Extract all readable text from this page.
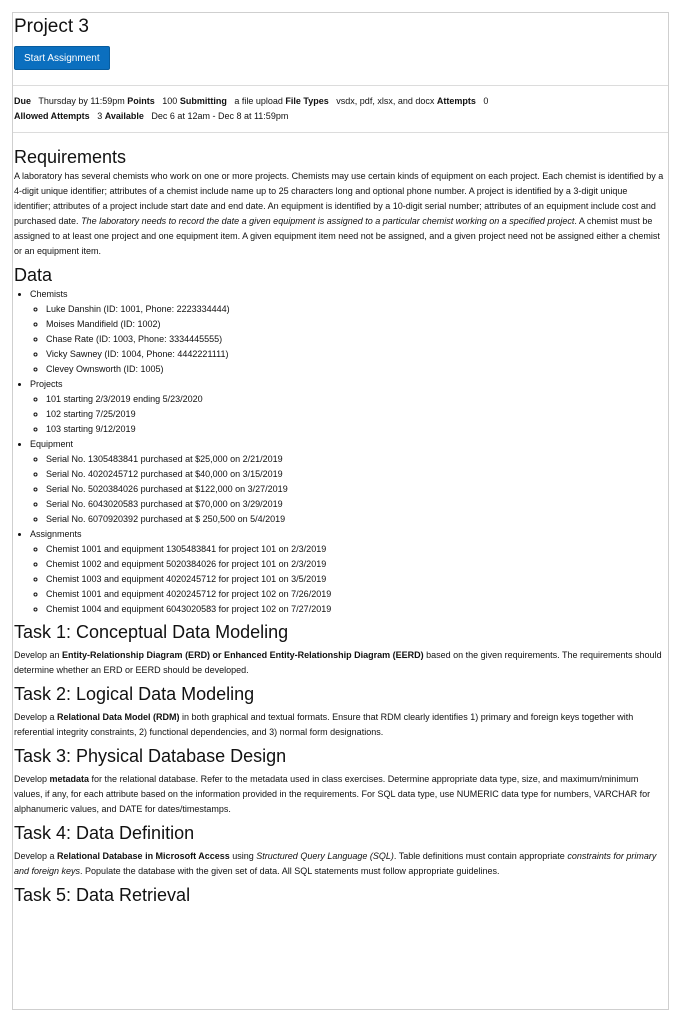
Project 3
Start Assignment
Due Thursday by 11:59pm Points 100 Submitting a file upload File Types vsdx, pdf, xlsx, and docx Attempts 0
Allowed Attempts 3 Available Dec 6 at 12am - Dec 8 at 11:59pm
Requirements

A laboratory has several chemists who work on one or more projects. Chemists may use certain kinds of equipment on each project. Each chemist is identified by a 4-digit unique identifier; attributes of a chemist include name up to 25 characters long and optional phone number. A project is identified by a 3-digit unique identifier; attributes of a project include start date and end date. An equipment is identified by a 10-digit serial number; attributes of an equipment include cost and purchased date. The laboratory needs to record the date a given equipment is assigned to a particular chemist working on a specified project. A chemist must be assigned to at least one project and one equipment item. A given equipment item need not be assigned, and a given project need not be assigned either a chemist or an equipment item.

Data
• Chemists
◦ Luke Danshin (ID: 1001, Phone: 2223334444)
◦ Moises Mandifield (ID: 1002)
◦ Chase Rate (ID: 1003, Phone: 3334445555)
◦ Vicky Sawney (ID: 1004, Phone: 4442221111)
◦ Clevey Ownsworth (ID: 1005)
• Projects
◦ 101 starting 2/3/2019 ending 5/23/2020
◦ 102 starting 7/25/2019
◦ 103 starting 9/12/2019
• Equipment
◦ Serial No. 1305483841 purchased at $25,000 on 2/21/2019
◦ Serial No. 4020245712 purchased at $40,000 on 3/15/2019
◦ Serial No. 5020384026 purchased at $122,000 on 3/27/2019
◦ Serial No. 6043020583 purchased at $70,000 on 3/29/2019
◦ Serial No. 6070920392 purchased at $ 250,500 on 5/4/2019
• Assignments
◦ Chemist 1001 and equipment 1305483841 for project 101 on 2/3/2019
◦ Chemist 1002 and equipment 5020384026 for project 101 on 2/3/2019
◦ Chemist 1003 and equipment 4020245712 for project 101 on 3/5/2019
◦ Chemist 1001 and equipment 4020245712 for project 102 on 7/26/2019
◦ Chemist 1004 and equipment 6043020583 for project 102 on 7/27/2019
Task 1: Conceptual Data Modeling

Develop an Entity-Relationship Diagram (ERD) or Enhanced Entity-Relationship Diagram (EERD) based on the given requirements. The requirements should determine whether an ERD or EERD should be developed.

Task 2: Logical Data Modeling

Develop a Relational Data Model (RDM) in both graphical and textual formats. Ensure that RDM clearly identifies 1) primary and foreign keys together with referential integrity constraints, 2) functional dependencies, and 3) normal form designations.

Task 3: Physical Database Design

Develop metadata for the relational database. Refer to the metadata used in class exercises. Determine appropriate data type, size, and maximum/minimum values, if any, for each attribute based on the information provided in the requirements. For SQL data type, use NUMERIC data type for numbers, VARCHAR for alphanumeric values, and DATE for dates/timestamps.

Task 4: Data Definition

Develop a Relational Database in Microsoft Access using Structured Query Language (SQL). Table definitions must contain appropriate constraints for primary and foreign keys. Populate the database with the given set of data. All SQL statements must follow appropriate guidelines.

Task 5: Data Retrieval
